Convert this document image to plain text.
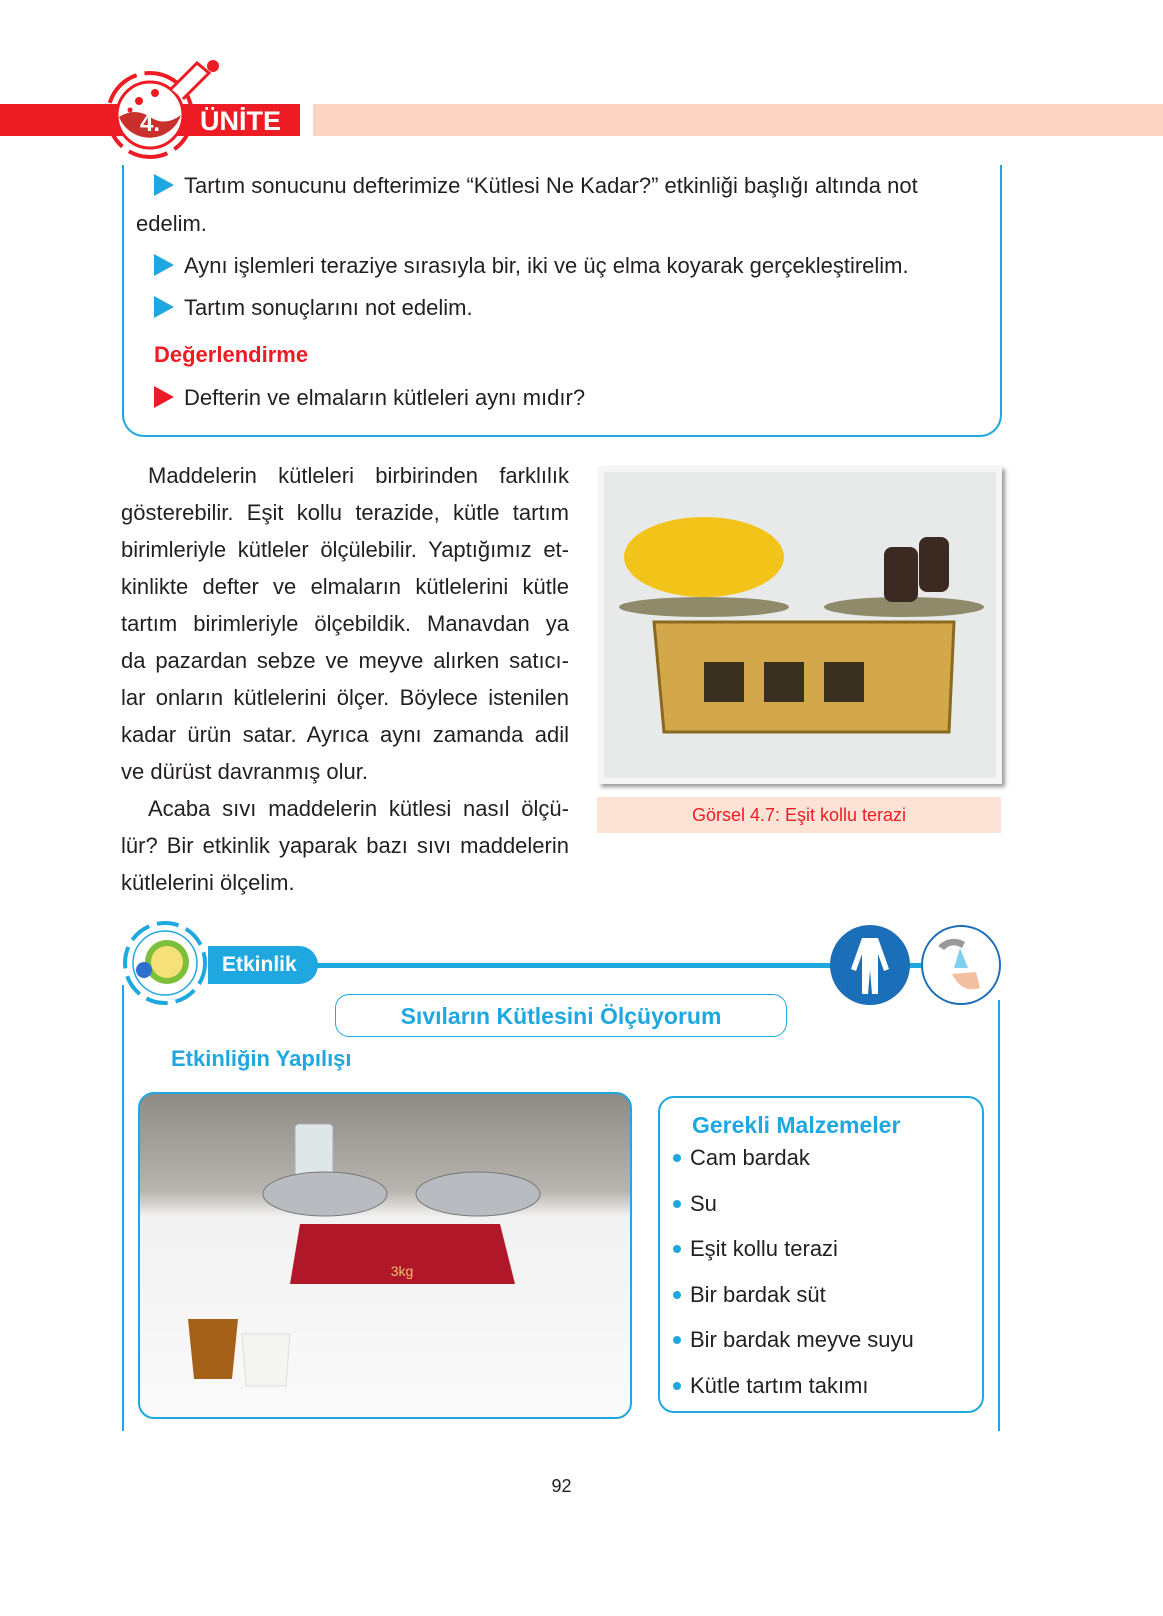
4. ÜNİTE
Tartım sonucunu defterimize “Kütlesi Ne Kadar?” etkinliği başlığı altında not
edelim.
Aynı işlemleri teraziye sırasıyla bir, iki ve üç elma koyarak gerçekleştirelim.
Tartım sonuçlarını not edelim.
Değerlendirme
Defterin ve elmaların kütleleri aynı mıdır?
Maddelerin kütleleri birbirinden farklılık
gösterebilir. Eşit kollu terazide, kütle tartım
birimleriyle kütleler ölçülebilir. Yaptığımız et-
kinlikte defter ve elmaların kütlelerini kütle
tartım birimleriyle ölçebildik. Manavdan ya
da pazardan sebze ve meyve alırken satıcı-
lar onların kütlelerini ölçer. Böylece istenilen
kadar ürün satar. Ayrıca aynı zamanda adil
ve dürüst davranmış olur.
Acaba sıvı maddelerin kütlesi nasıl ölçü-
lür? Bir etkinlik yaparak bazı sıvı maddelerin
kütlelerini ölçelim.
Görsel 4.7: Eşit kollu terazi
Etkinlik
Sıvıların Kütlesini Ölçüyorum
Etkinliğin Yapılışı
3kg
Gerekli Malzemeler
Cam bardak
Su
Eşit kollu terazi
Bir bardak süt
Bir bardak meyve suyu
Kütle tartım takımı
92
